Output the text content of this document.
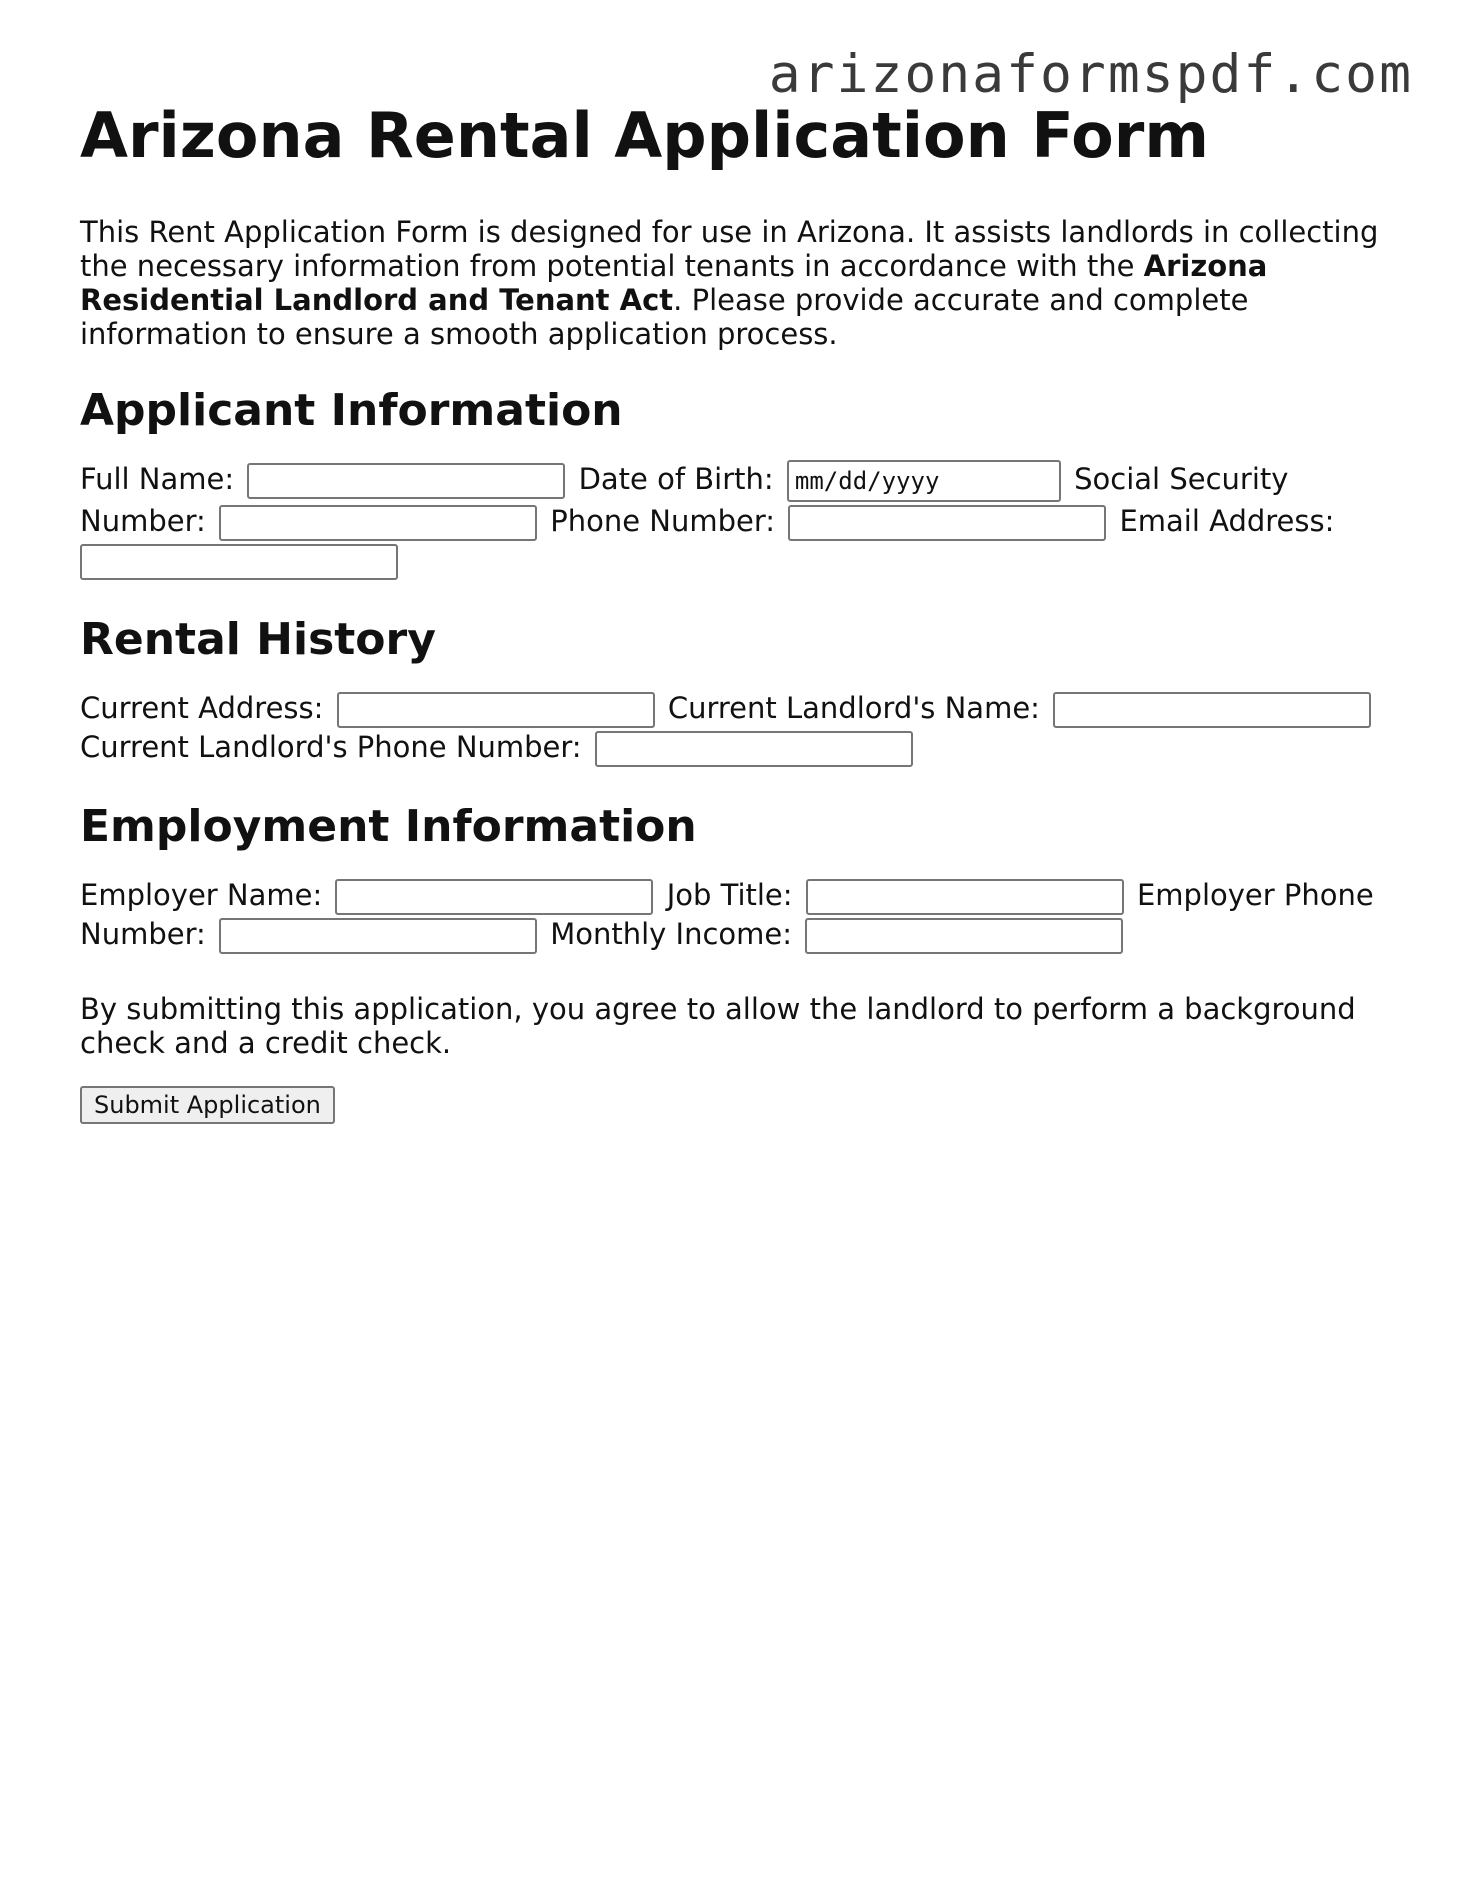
arizonaformspdf.com
Arizona Rental Application Form

This Rent Application Form is designed for use in Arizona. It assists landlords in collecting the necessary information from potential tenants in accordance with the Arizona Residential Landlord and Tenant Act. Please provide accurate and complete information to ensure a smooth application process.

Applicant Information
Full Name:	Date of Birth: mm/dd/yyyy	Social Security Number:	Phone Number:	Email Address:

Rental History
Current Address:	Current Landlord's Name:  Current Landlord's Phone Number:
Employment Information
Employer Name:	Job Title:	Employer Phone Number:	Monthly Income:

By submitting this application, you agree to allow the landlord to perform a background check and a credit check.

Submit Application
